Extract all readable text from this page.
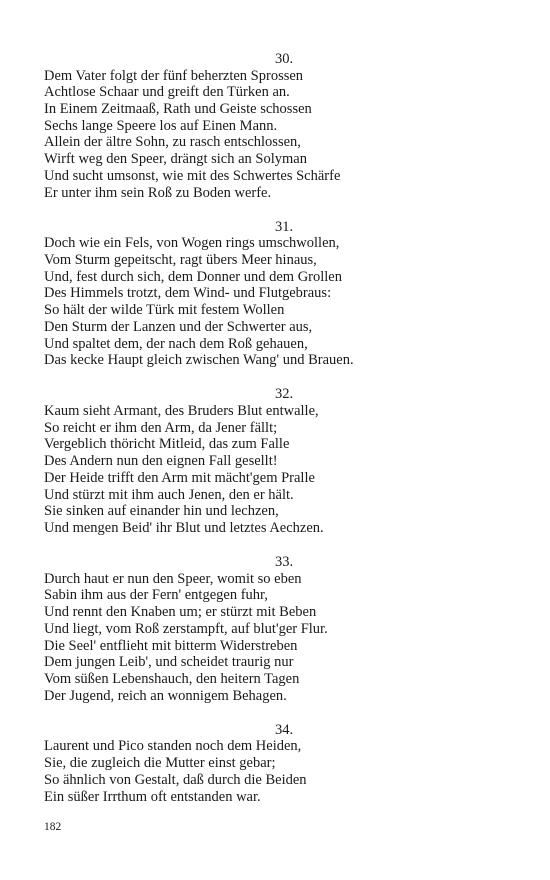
30.
Dem Vater folgt der fünf beherzten Sprossen
Achtlose Schaar und greift den Türken an.
In Einem Zeitmaaß, Rath und Geiste schossen
Sechs lange Speere los auf Einen Mann.
Allein der ältre Sohn, zu rasch entschlossen,
Wirft weg den Speer, drängt sich an Solyman
Und sucht umsonst, wie mit des Schwertes Schärfe
Er unter ihm sein Roß zu Boden werfe.
31.
Doch wie ein Fels, von Wogen rings umschwollen,
Vom Sturm gepeitscht, ragt übers Meer hinaus,
Und, fest durch sich, dem Donner und dem Grollen
Des Himmels trotzt, dem Wind- und Flutgebraus:
So hält der wilde Türk mit festem Wollen
Den Sturm der Lanzen und der Schwerter aus,
Und spaltet dem, der nach dem Roß gehauen,
Das kecke Haupt gleich zwischen Wang' und Brauen.
32.
Kaum sieht Armant, des Bruders Blut entwalle,
So reicht er ihm den Arm, da Jener fällt;
Vergeblich thöricht Mitleid, das zum Falle
Des Andern nun den eignen Fall gesellt!
Der Heide trifft den Arm mit mächt'gem Pralle
Und stürzt mit ihm auch Jenen, den er hält.
Sie sinken auf einander hin und lechzen,
Und mengen Beid' ihr Blut und letztes Aechzen.
33.
Durch haut er nun den Speer, womit so eben
Sabin ihm aus der Fern' entgegen fuhr,
Und rennt den Knaben um; er stürzt mit Beben
Und liegt, vom Roß zerstampft, auf blut'ger Flur.
Die Seel' entflieht mit bitterm Widerstreben
Dem jungen Leib', und scheidet traurig nur
Vom süßen Lebenshauch, den heitern Tagen
Der Jugend, reich an wonnigem Behagen.
34.
Laurent und Pico standen noch dem Heiden,
Sie, die zugleich die Mutter einst gebar;
So ähnlich von Gestalt, daß durch die Beiden
Ein süßer Irrthum oft entstanden war.
182
